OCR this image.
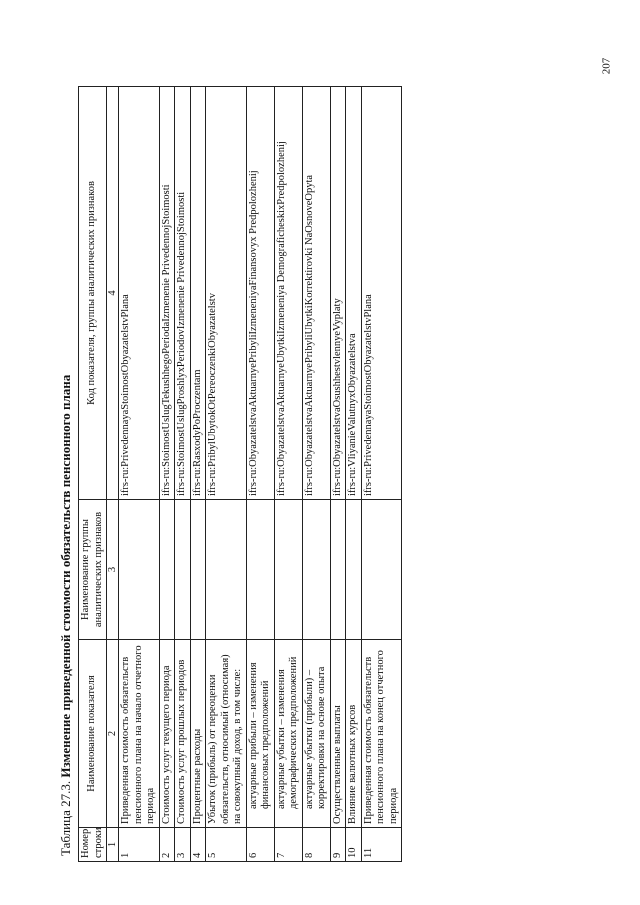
207
Таблица 27.3. Изменение приведенной стоимости обязательств пенсионного плана
Номер строки	Наименование показателя	Наименование группы аналитических признаков	Код показателя, группы аналитических признаков
1	2	3	4
1	Приведенная стоимость обязательств пенсионного плана на начало отчетного периода		ifrs-ru:PrivedennayaStoimostObyazatelstvPlana
2	Стоимость услуг текущего периода		ifrs-ru:StoimostUslugTekushhegoPeriodaIzmenenie PrivedennojStoimosti
3	Стоимость услуг прошлых периодов		ifrs-ru:StoimostUslugProshlyxPeriodovIzmenenie PrivedennojStoimosti
4	Процентные расходы		ifrs-ru:RasxodyPoProczentam
5	Убыток (прибыль) от переоценки обязательств, относимый (относимая) на совокупный доход, в том числе:		ifrs-ru:PribylUbytokOtPereoczenkiObyazatelstv
6	актуарные прибыли – изменения финансовых предположений		ifrs-ru:ObyazatelstvaAktuarnyePribyliIzmeneniyaFinansovyx Predpolozhenij
7	актуарные убытки – изменения демографических предположений		ifrs-ru:ObyazatelstvaAktuarnyeUbytkiIzmeneniya DemograficheskixPredpolozhenij
8	актуарные убытки (прибыли) – корректировки на основе опыта		ifrs-ru:ObyazatelstvaAktuarnyePribyliUbytkiKorrektirovki NaOsnoveOpyta
9	Осуществленные выплаты		ifrs-ru:ObyazatelstvaOsushhestvlennyeVyplaty
10	Влияние валютных курсов		ifrs-ru:VliyanieValutnyxObyazatelstva
11	Приведенная стоимость обязательств пенсионного плана на конец отчетного периода		ifrs-ru:PrivedennayaStoimostObyazatelstvPlana
